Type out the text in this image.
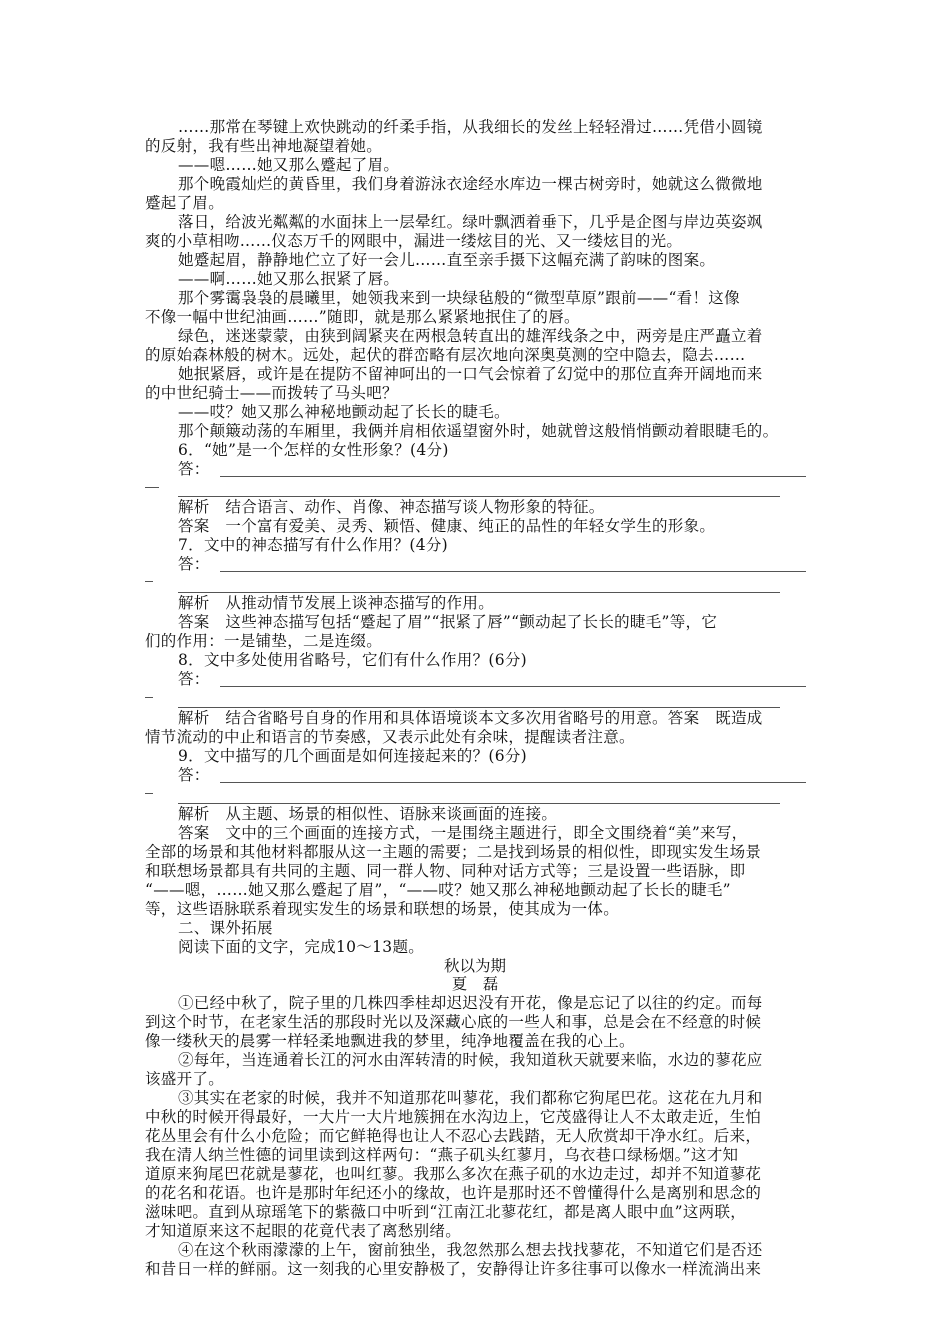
……那常在琴键上欢快跳动的纤柔手指，从我细长的发丝上轻轻滑过……凭借小圆镜
的反射，我有些出神地凝望着她。
——嗯……她又那么蹙起了眉。
那个晚霞灿烂的黄昏里，我们身着游泳衣途经水库边一棵古树旁时，她就这么微微地
蹙起了眉。
落日，给波光粼粼的水面抹上一层晕红。绿叶飘洒着垂下，几乎是企图与岸边英姿飒
爽的小草相吻……仪态万千的网眼中，漏进一缕炫目的光、又一缕炫目的光。
她蹙起眉，静静地伫立了好一会儿……直至亲手摄下这幅充满了韵味的图案。
——啊……她又那么抿紧了唇。
那个雾霭袅袅的晨曦里，她领我来到一块绿毡般的“微型草原”跟前——“看！这像
不像一幅中世纪油画……”随即，就是那么紧紧地抿住了的唇。
绿色，迷迷蒙蒙，由狭到阔紧夹在两根急转直出的雄浑线条之中，两旁是庄严矗立着
的原始森林般的树木。远处，起伏的群峦略有层次地向深奥莫测的空中隐去，隐去……
她抿紧唇，或许是在提防不留神呵出的一口气会惊着了幻觉中的那位直奔开阔地而来
的中世纪骑士——而拨转了马头吧？
——哎？她又那么神秘地颤动起了长长的睫毛。
那个颠簸动荡的车厢里，我俩并肩相依遥望窗外时，她就曾这般悄悄颤动着眼睫毛的。
6．“她”是一个怎样的女性形象？(4分)
答：
解析　结合语言、动作、肖像、神态描写谈人物形象的特征。
答案　一个富有爱美、灵秀、颖悟、健康、纯正的品性的年轻女学生的形象。
7．文中的神态描写有什么作用？(4分)
答：
解析　从推动情节发展上谈神态描写的作用。
答案　这些神态描写包括“蹙起了眉”“抿紧了唇”“颤动起了长长的睫毛”等，它
们的作用：一是铺垫，二是连缀。
8．文中多处使用省略号，它们有什么作用？(6分)
答：
解析　结合省略号自身的作用和具体语境谈本文多次用省略号的用意。答案　既造成
情节流动的中止和语言的节奏感，又表示此处有余味，提醒读者注意。
9．文中描写的几个画面是如何连接起来的？(6分)
答：
解析　从主题、场景的相似性、语脉来谈画面的连接。
答案　文中的三个画面的连接方式，一是围绕主题进行，即全文围绕着“美”来写，
全部的场景和其他材料都服从这一主题的需要；二是找到场景的相似性，即现实发生场景
和联想场景都具有共同的主题、同一群人物、同种对话方式等；三是设置一些语脉，即
“——嗯，……她又那么蹙起了眉”，“——哎？她又那么神秘地颤动起了长长的睫毛”
等，这些语脉联系着现实发生的场景和联想的场景，使其成为一体。
二、课外拓展
阅读下面的文字，完成10～13题。
秋以为期
夏　磊
①已经中秋了，院子里的几株四季桂却迟迟没有开花，像是忘记了以往的约定。而每
到这个时节，在老家生活的那段时光以及深藏心底的一些人和事，总是会在不经意的时候
像一缕秋天的晨雾一样轻柔地飘进我的梦里，纯净地覆盖在我的心上。
②每年，当连通着长江的河水由浑转清的时候，我知道秋天就要来临，水边的蓼花应
该盛开了。
③其实在老家的时候，我并不知道那花叫蓼花，我们都称它狗尾巴花。这花在九月和
中秋的时候开得最好，一大片一大片地簇拥在水沟边上，它茂盛得让人不太敢走近，生怕
花丛里会有什么小危险；而它鲜艳得也让人不忍心去践踏，无人欣赏却干净水红。后来，
我在清人纳兰性德的词里读到这样两句：“燕子矶头红蓼月，乌衣巷口绿杨烟。”这才知
道原来狗尾巴花就是蓼花，也叫红蓼。我那么多次在燕子矶的水边走过，却并不知道蓼花
的花名和花语。也许是那时年纪还小的缘故，也许是那时还不曾懂得什么是离别和思念的
滋味吧。直到从琼瑶笔下的紫薇口中听到“江南江北蓼花红，都是离人眼中血”这两联，
才知道原来这不起眼的花竟代表了离愁别绪。
④在这个秋雨濛濛的上午，窗前独坐，我忽然那么想去找找蓼花，不知道它们是否还
和昔日一样的鲜丽。这一刻我的心里安静极了，安静得让许多往事可以像水一样流淌出来
